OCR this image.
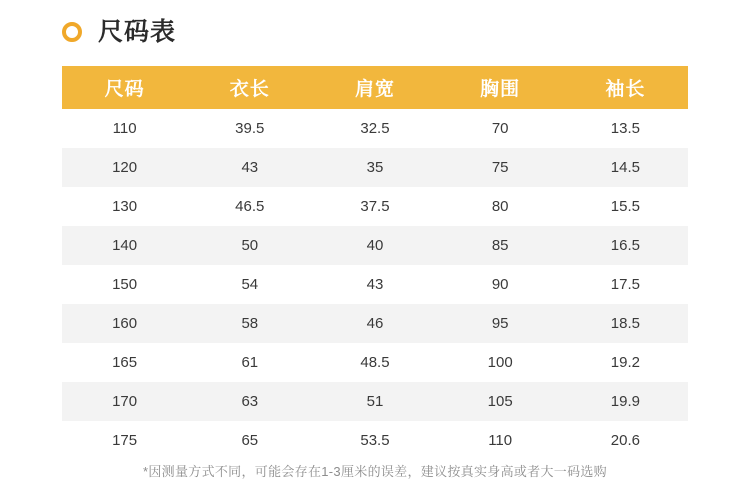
尺码表
尺码	衣长	肩宽	胸围	袖长
110	39.5	32.5	70	13.5
120	43	35	75	14.5
130	46.5	37.5	80	15.5
140	50	40	85	16.5
150	54	43	90	17.5
160	58	46	95	18.5
165	61	48.5	100	19.2
170	63	51	105	19.9
175	65	53.5	110	20.6
*因测量方式不同，可能会存在1-3厘米的误差，建议按真实身高或者大一码选购
